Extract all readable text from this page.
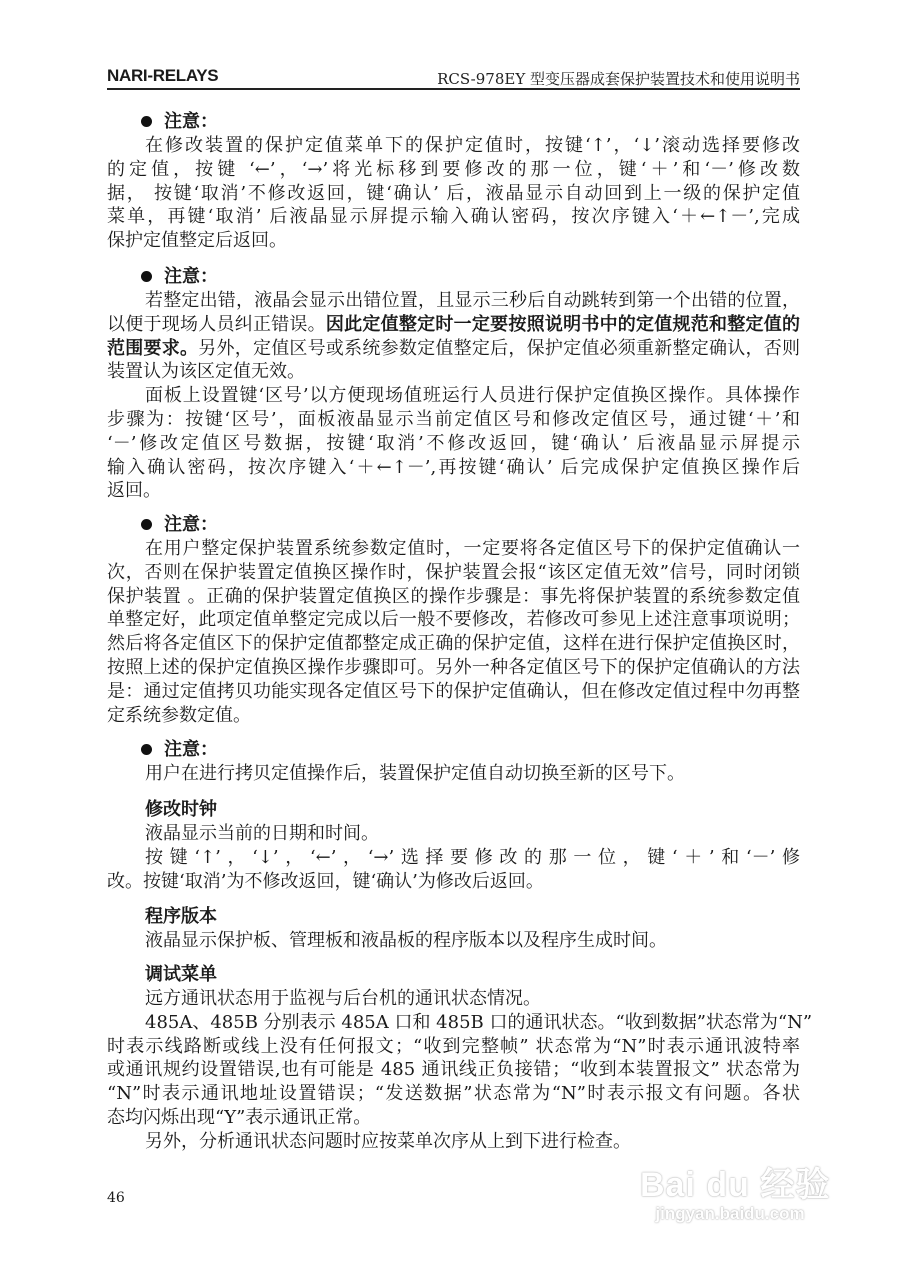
NARI-RELAYS	RCS-978EY 型变压器成套保护装置技术和使用说明书
注意：
在修改装置的保护定值菜单下的保护定值时，按键‘↑’，‘↓’滚动选择要修改
的定值，按键 ‘←’，‘→’将光标移到要修改的那一位，键‘＋’和‘－’修改数
据， 按键‘取消’不修改返回，键‘确认’ 后，液晶显示自动回到上一级的保护定值
菜单，再键‘取消’ 后液晶显示屏提示输入确认密码，按次序键入‘＋←↑－’,完成
保护定值整定后返回。
注意：
若整定出错，液晶会显示出错位置，且显示三秒后自动跳转到第一个出错的位置，
以便于现场人员纠正错误。因此定值整定时一定要按照说明书中的定值规范和整定值的
范围要求。另外，定值区号或系统参数定值整定后，保护定值必须重新整定确认，否则
装置认为该区定值无效。
面板上设置键‘区号’以方便现场值班运行人员进行保护定值换区操作。具体操作
步骤为：按键‘区号’，面板液晶显示当前定值区号和修改定值区号，通过键‘＋’和
‘－’修改定值区号数据，按键‘取消’不修改返回，键‘确认’ 后液晶显示屏提示
输入确认密码，按次序键入‘＋←↑－’,再按键‘确认’ 后完成保护定值换区操作后
返回。
注意：
在用户整定保护装置系统参数定值时，一定要将各定值区号下的保护定值确认一
次，否则在保护装置定值换区操作时，保护装置会报“该区定值无效”信号，同时闭锁
保护装置 。正确的保护装置定值换区的操作步骤是：事先将保护装置的系统参数定值
单整定好，此项定值单整定完成以后一般不要修改，若修改可参见上述注意事项说明；
然后将各定值区下的保护定值都整定成正确的保护定值，这样在进行保护定值换区时，
按照上述的保护定值换区操作步骤即可。另外一种各定值区号下的保护定值确认的方法
是：通过定值拷贝功能实现各定值区号下的保护定值确认，但在修改定值过程中勿再整
定系统参数定值。
注意：
用户在进行拷贝定值操作后，装置保护定值自动切换至新的区号下。
修改时钟
液晶显示当前的日期和时间。
按键‘↑’，‘↓’，‘←’，‘→’选择要修改的那一位，键‘＋’和‘－’修
改。按键‘取消’为不修改返回，键‘确认’为修改后返回。
程序版本
液晶显示保护板、管理板和液晶板的程序版本以及程序生成时间。
调试菜单
远方通讯状态用于监视与后台机的通讯状态情况。
485A、485B 分别表示 485A 口和 485B 口的通讯状态。“收到数据”状态常为“N”
时表示线路断或线上没有任何报文；“收到完整帧” 状态常为“N”时表示通讯波特率
或通讯规约设置错误,也有可能是 485 通讯线正负接错；“收到本装置报文” 状态常为
“N”时表示通讯地址设置错误；“发送数据”状态常为“N”时表示报文有问题。各状
态均闪烁出现“Y”表示通讯正常。
另外，分析通讯状态问题时应按菜单次序从上到下进行检查。
46	Bai du 经验
jingyan.baidu.com
